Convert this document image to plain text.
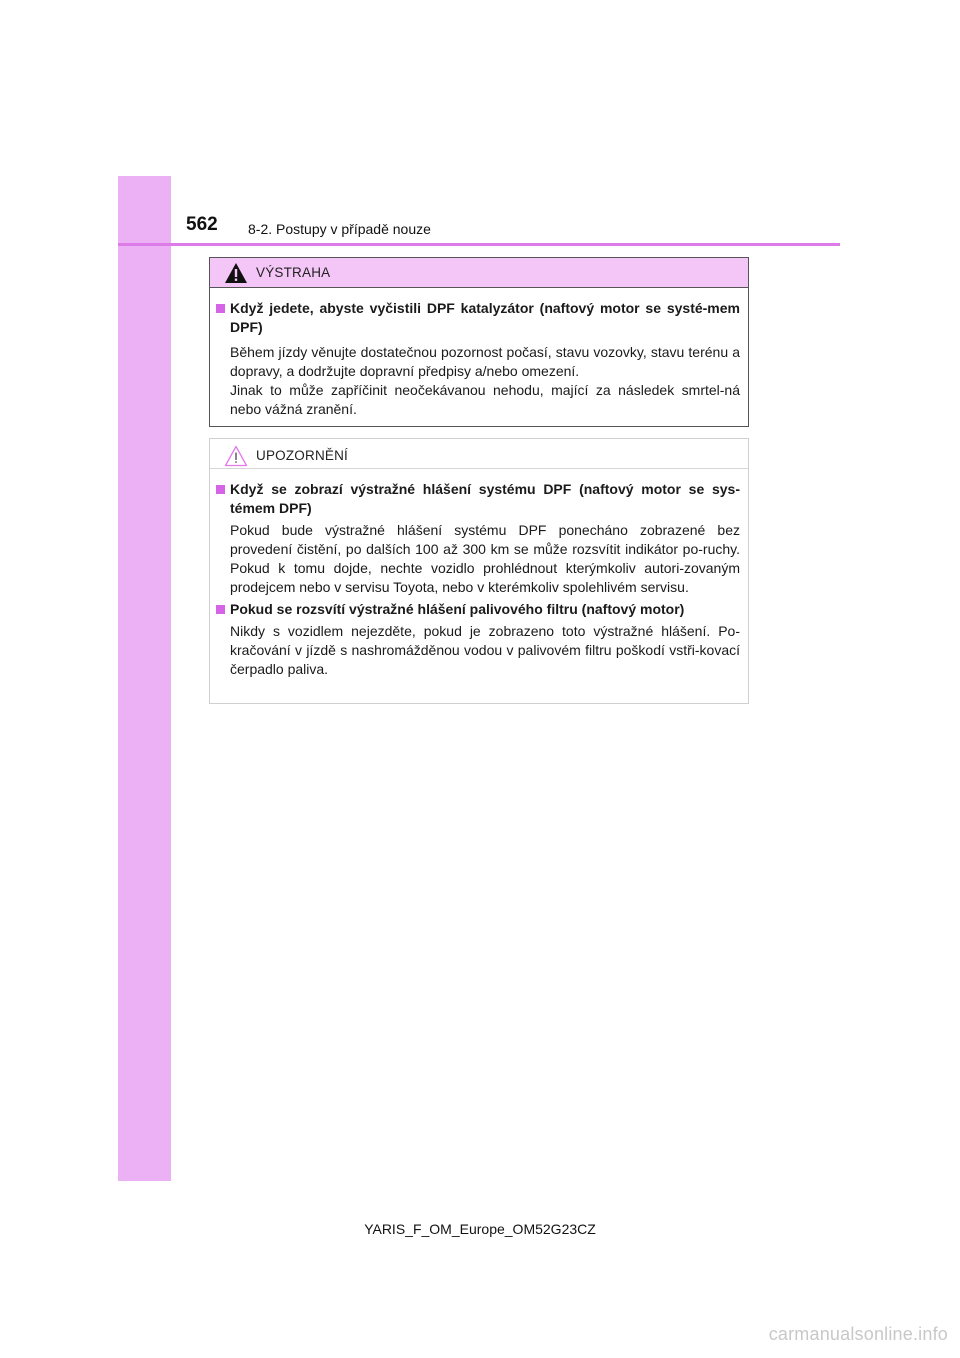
562 8-2. Postupy v případě nouze
VÝSTRAHA
Když jedete, abyste vyčistili DPF katalyzátor (naftový motor se systé-mem DPF)

Během jízdy věnujte dostatečnou pozornost počasí, stavu vozovky, stavu terénu a dopravy, a dodržujte dopravní předpisy a/nebo omezení.

Jinak to může zapříčinit neočekávanou nehodu, mající za následek smrtel-ná nebo vážná zranění.

UPOZORNĚNÍ
Když se zobrazí výstražné hlášení systému DPF (naftový motor se sys-témem DPF)

Pokud bude výstražné hlášení systému DPF ponecháno zobrazené bez provedení čistění, po dalších 100 až 300 km se může rozsvítit indikátor po-ruchy. Pokud k tomu dojde, nechte vozidlo prohlédnout kterýmkoliv autori-zovaným prodejcem nebo v servisu Toyota, nebo v kterémkoliv spolehlivém servisu.

Pokud se rozsvítí výstražné hlášení palivového filtru (naftový motor)

Nikdy s vozidlem nejezděte, pokud je zobrazeno toto výstražné hlášení. Po-kračování v jízdě s nashromážděnou vodou v palivovém filtru poškodí vstři-kovací čerpadlo paliva.

YARIS_F_OM_Europe_OM52G23CZ
carmanualsonline.info
